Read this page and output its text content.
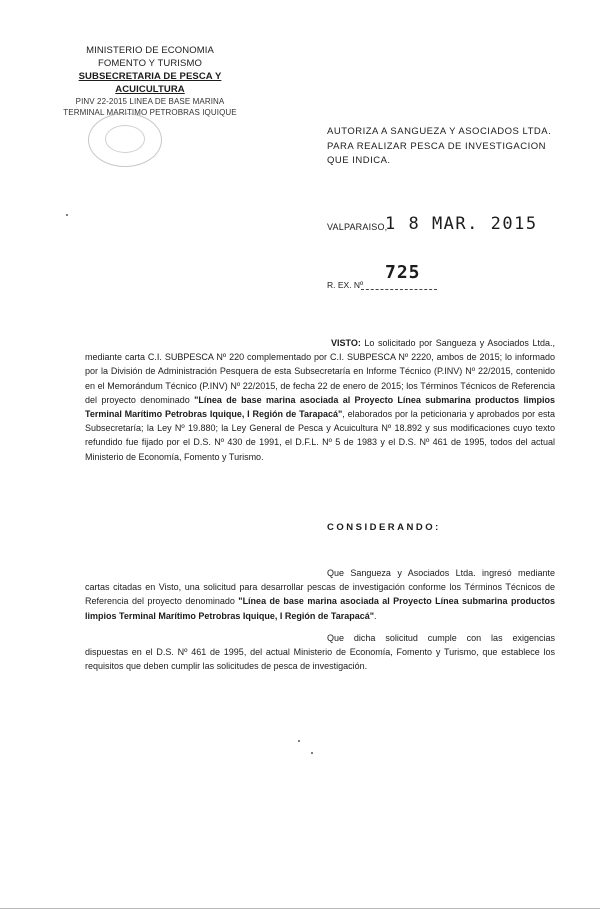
MINISTERIO DE ECONOMIA
FOMENTO Y TURISMO
SUBSECRETARIA DE PESCA Y ACUICULTURA
PINV 22-2015 LINEA DE BASE MARINA
TERMINAL MARITIMO PETROBRAS IQUIQUE
AUTORIZA A SANGUEZA Y ASOCIADOS LTDA. PARA REALIZAR PESCA DE INVESTIGACION QUE INDICA.
VALPARAISO,
1 8 MAR. 2015
R. EX. Nº
725
VISTO: Lo solicitado por Sangueza y Asociados Ltda., mediante carta C.I. SUBPESCA Nº 220 complementado por C.I. SUBPESCA Nº 2220, ambos de 2015; lo informado por la División de Administración Pesquera de esta Subsecretaría en Informe Técnico (P.INV) Nº 22/2015, contenido en el Memorándum Técnico (P.INV) Nº 22/2015, de fecha 22 de enero de 2015; los Términos Técnicos de Referencia del proyecto denominado "Línea de base marina asociada al Proyecto Línea submarina productos limpios Terminal Marítimo Petrobras Iquique, I Región de Tarapacá", elaborados por la peticionaria y aprobados por esta Subsecretaría; la Ley Nº 19.880; la Ley General de Pesca y Acuicultura Nº 18.892 y sus modificaciones cuyo texto refundido fue fijado por el D.S. Nº 430 de 1991, el D.F.L. Nº 5 de 1983 y el D.S. Nº 461 de 1995, todos del actual Ministerio de Economía, Fomento y Turismo.
CONSIDERANDO:
Que Sangueza y Asociados Ltda. ingresó mediante cartas citadas en Visto, una solicitud para desarrollar pescas de investigación conforme los Términos Técnicos de Referencia del proyecto denominado "Línea de base marina asociada al Proyecto Línea submarina productos limpios Terminal Marítimo Petrobras Iquique, I Región de Tarapacá".
Que dicha solicitud cumple con las exigencias dispuestas en el D.S. Nº 461 de 1995, del actual Ministerio de Economía, Fomento y Turismo, que establece los requisitos que deben cumplir las solicitudes de pesca de investigación.
